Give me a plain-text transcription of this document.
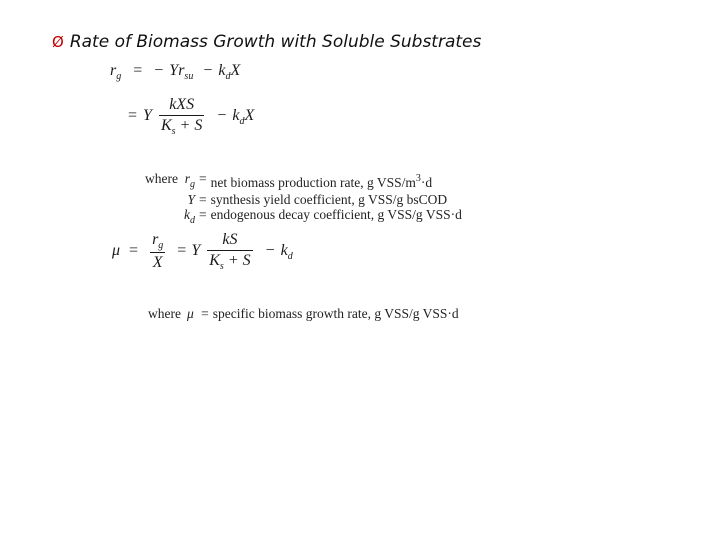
Ø Rate of Biomass Growth with Soluble Substrates
$r_g$ = − $Yr_{su} - k_dX$
= Y $\frac{\text{kXS}}{K_s + S} - k_dX$
where	$r_g$	=	net biomass production rate, g VSS/$m^3\cdot d$
	Y	=	synthesis yield coefficient, g VSS/g bsCOD
	$k_d$	=	endogenous decay coefficient, g VSS/g VSS·d
$\mu = \frac{r_g}{X} = Y \frac{kS}{K_s + S} - k_d$
where μ = specific biomass growth rate, g VSS/g VSS·d
